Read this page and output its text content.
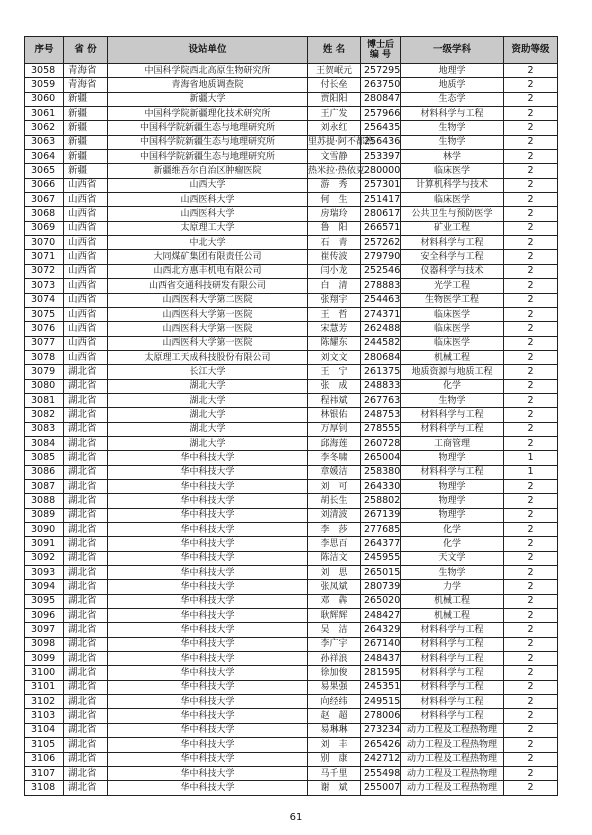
序号	省 份	设站单位	姓 名	博士后
编 号	一级学科	资助等级
3058	青海省	中国科学院西北高原生物研究所	王贺岷元	257295	地理学	2
3059	青海省	青海省地质调查院	付长垒	263750	地质学	2
3060	新疆	新疆大学	贾阳阳	280847	生态学	2
3061	新疆	中国科学院新疆理化技术研究所	王广发	257966	材料科学与工程	2
3062	新疆	中国科学院新疆生态与地理研究所	刘永红	256435	生物学	2
3063	新疆	中国科学院新疆生态与地理研究所	里苏提·阿不都热	256436	生物学	2
3064	新疆	中国科学院新疆生态与地理研究所	文雪静	253397	林学	2
3065	新疆	新疆维吾尔自治区肿瘤医院	热米拉·热依克	280000	临床医学	2
3066	山西省	山西大学	游　秀	257301	计算机科学与技术	2
3067	山西省	山西医科大学	何　生	251417	临床医学	2
3068	山西省	山西医科大学	房瑞玲	280617	公共卫生与预防医学	2
3069	山西省	太原理工大学	鲁　阳	266571	矿业工程	2
3070	山西省	中北大学	石　青	257262	材料科学与工程	2
3071	山西省	大同煤矿集团有限责任公司	崔传波	279790	安全科学与工程	2
3072	山西省	山西北方惠丰机电有限公司	闫小龙	252546	仪器科学与技术	2
3073	山西省	山西省交通科技研发有限公司	白　清	278883	光学工程	2
3074	山西省	山西医科大学第二医院	张翔宇	254463	生物医学工程	2
3075	山西省	山西医科大学第一医院	王　哲	274371	临床医学	2
3076	山西省	山西医科大学第一医院	宋慧芳	262488	临床医学	2
3077	山西省	山西医科大学第一医院	陈耀东	244582	临床医学	2
3078	山西省	太原理工天成科技股份有限公司	刘文文	280684	机械工程	2
3079	湖北省	长江大学	王　宁	261375	地质资源与地质工程	2
3080	湖北省	湖北大学	张　成	248833	化学	2
3081	湖北省	湖北大学	程祎斌	267763	生物学	2
3082	湖北省	湖北大学	林银佑	248753	材料科学与工程	2
3083	湖北省	湖北大学	万厚钊	278555	材料科学与工程	2
3084	湖北省	湖北大学	邱海莲	260728	工商管理	2
3085	湖北省	华中科技大学	李冬啸	265004	物理学	1
3086	湖北省	华中科技大学	章媛洁	258380	材料科学与工程	1
3087	湖北省	华中科技大学	刘　可	264330	物理学	2
3088	湖北省	华中科技大学	胡长生	258802	物理学	2
3089	湖北省	华中科技大学	刘清波	267139	物理学	2
3090	湖北省	华中科技大学	李　莎	277685	化学	2
3091	湖北省	华中科技大学	李思百	264377	化学	2
3092	湖北省	华中科技大学	陈洁文	245955	天文学	2
3093	湖北省	华中科技大学	刘　思	265015	生物学	2
3094	湖北省	华中科技大学	张凤斌	280739	力学	2
3095	湖北省	华中科技大学	邓　犇	265020	机械工程	2
3096	湖北省	华中科技大学	耿辉辉	248427	机械工程	2
3097	湖北省	华中科技大学	吴　洁	264329	材料科学与工程	2
3098	湖北省	华中科技大学	李广宇	267140	材料科学与工程	2
3099	湖北省	华中科技大学	孙祥浪	248437	材料科学与工程	2
3100	湖北省	华中科技大学	徐加俊	281595	材料科学与工程	2
3101	湖北省	华中科技大学	易果强	245351	材料科学与工程	2
3102	湖北省	华中科技大学	向经纬	249515	材料科学与工程	2
3103	湖北省	华中科技大学	赵　超	278006	材料科学与工程	2
3104	湖北省	华中科技大学	易琳琳	273234	动力工程及工程热物理	2
3105	湖北省	华中科技大学	刘　丰	265426	动力工程及工程热物理	2
3106	湖北省	华中科技大学	别　康	242712	动力工程及工程热物理	2
3107	湖北省	华中科技大学	马千里	255498	动力工程及工程热物理	2
3108	湖北省	华中科技大学	谢　斌	255007	动力工程及工程热物理	2
61
